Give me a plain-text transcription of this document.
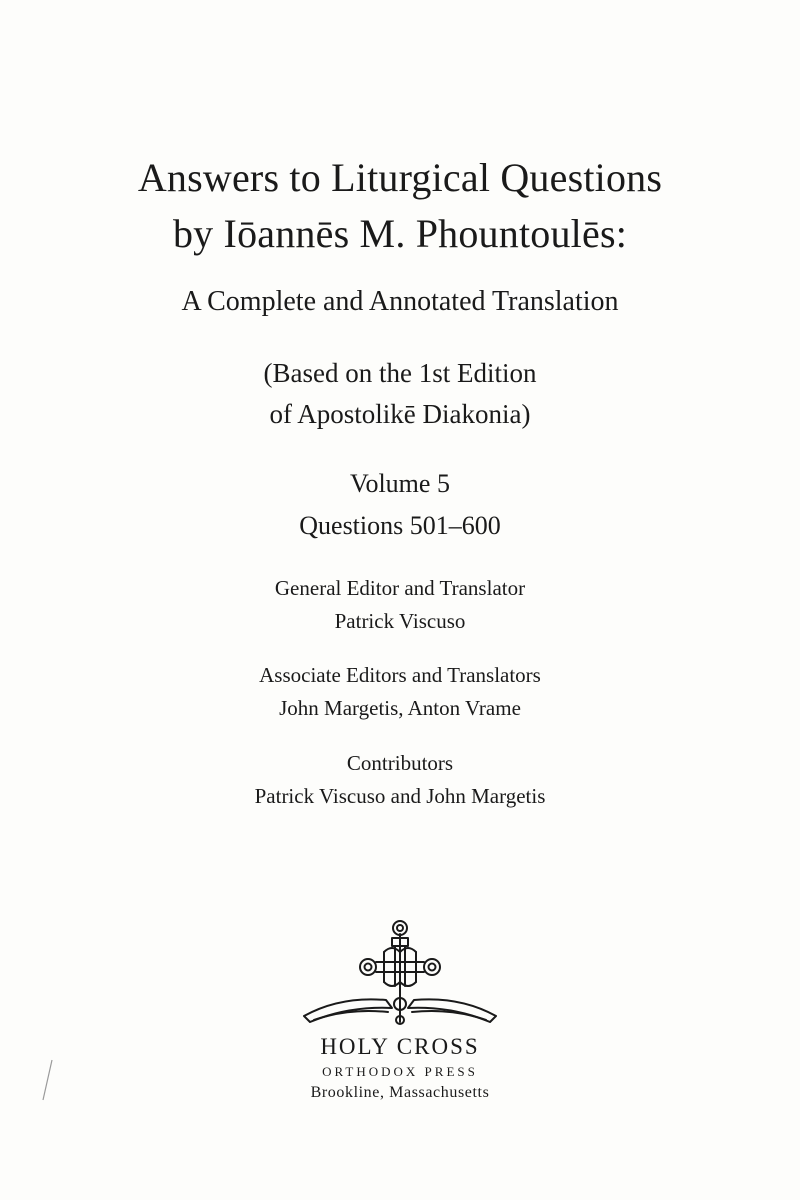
Answers to Liturgical Questions
by Iōannēs M. Phountoulēs:
A Complete and Annotated Translation
(Based on the 1st Edition
of Apostolikē Diakonia)
Volume 5
Questions 501–600
General Editor and Translator
Patrick Viscuso
Associate Editors and Translators
John Margetis, Anton Vrame
Contributors
Patrick Viscuso and John Margetis
HOLY CROSS
ORTHODOX PRESS
Brookline, Massachusetts
